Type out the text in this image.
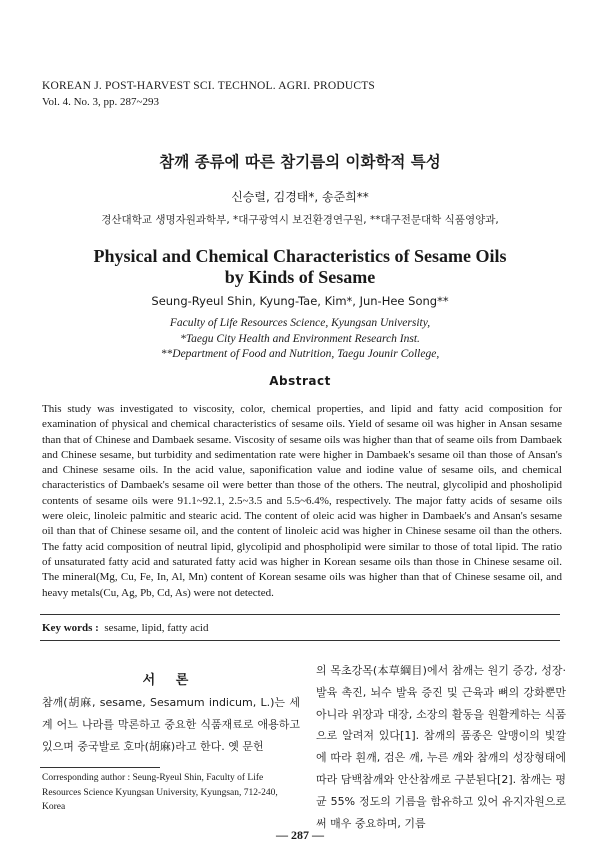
KOREAN J. POST-HARVEST SCI. TECHNOL. AGRI. PRODUCTS
Vol. 4. No. 3, pp. 287~293
참깨 종류에 따른 참기름의 이화학적 특성
신승렬, 김경태*, 송준희**
경산대학교 생명자원과학부, *대구광역시 보건환경연구원, **대구전문대학 식품영양과,
Physical and Chemical Characteristics of Sesame Oils
by Kinds of Sesame
Seung-Ryeul Shin, Kyung-Tae, Kim*, Jun-Hee Song**
Faculty of Life Resources Science, Kyungsan University,
*Taegu City Health and Environment Research Inst.
**Department of Food and Nutrition, Taegu Jounir College,
Abstract
This study was investigated to viscosity, color, chemical properties, and lipid and fatty acid composition for examination of physical and chemical characteristics of sesame oils. Yield of sesame oil was higher in Ansan sesame than that of Chinese and Dambaek sesame. Viscosity of sesame oils was higher than that of seame oils from Dambaek and Chinese sesame, but turbidity and sedimentation rate were higher in Dambaek's sesame oil than those of Ansan's and Chinese sesame oils. In the acid value, saponification value and iodine value of sesame oils, and chemical characteristics of Dambaek's sesame oil were better than those of the others. The neutral, glycolipid and phosholipid contents of sesame oils were 91.1~92.1, 2.5~3.5 and 5.5~6.4%, respectively. The major fatty acids of sesame oils were oleic, linoleic palmitic and stearic acid. The content of oleic acid was higher in Dambaek's and Ansan's sesame oil than that of Chinese sesame oil, and the content of linoleic acid was higher in Chinese sesame oil than the others. The fatty acid composition of neutral lipid, glycolipid and phospholipid were similar to those of total lipid. The ratio of unsaturated fatty acid and saturated fatty acid was higher in Korean sesame oils than those in Chinese sesame oil. The mineral(Mg, Cu, Fe, In, Al, Mn) content of Korean sesame oils was higher than that of Chinese sesame oil, and heavy metals(Cu, Ag, Pb, Cd, As) were not detected.
Key words : sesame, lipid, fatty acid
서 론
참깨(胡麻, sesame, Sesamum indicum, L.)는 세계 어느 나라를 막론하고 중요한 식품재료로 애용하고 있으며 중국발로 호마(胡麻)라고 한다. 옛 문헌
Corresponding author : Seung-Ryeul Shin, Faculty of Life Resources Science Kyungsan University, Kyungsan, 712-240, Korea
의 목초강목(本草綱目)에서 참깨는 원기 증강, 성장·발육 촉진, 뇌수 발육 증진 및 근육과 뼈의 강화뿐만 아니라 위장과 대장, 소장의 활동을 원활케하는 식품으로 알려져 있다[1]. 참깨의 품종은 알맹이의 빛깔에 따라 흰깨, 검은 깨, 누른 깨와 참깨의 성장형태에 따라 담백참깨와 안산참깨로 구분된다[2]. 참깨는 평균 55% 정도의 기름을 함유하고 있어 유지자원으로써 매우 중요하며, 기름
— 287 —
